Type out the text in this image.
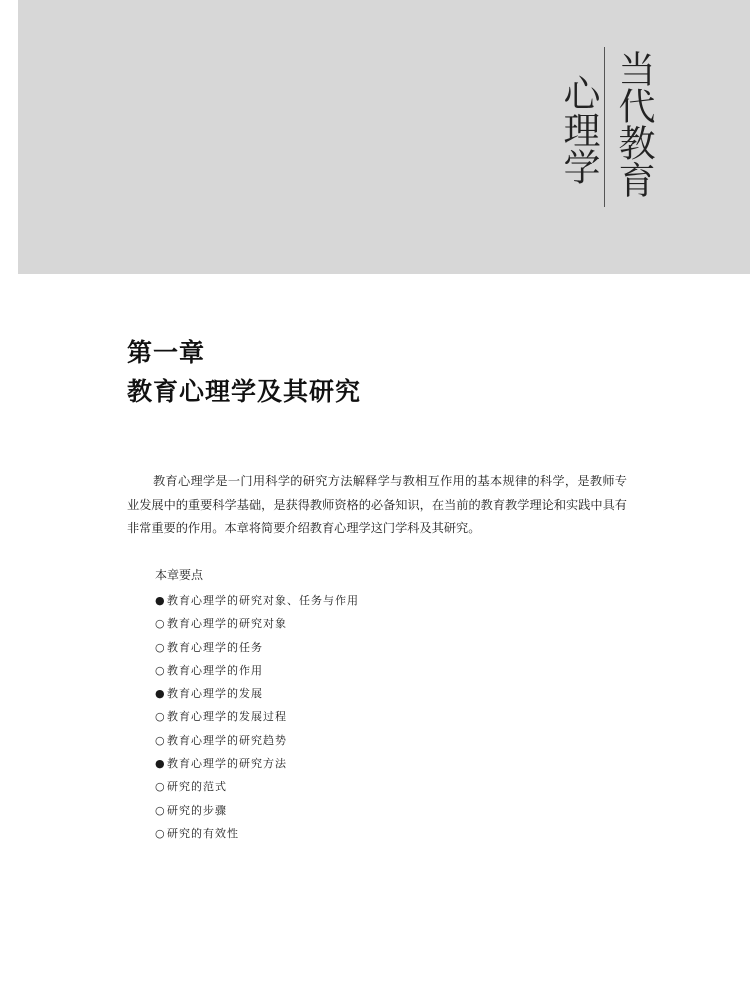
当代教育
心理学
第一章
教育心理学及其研究

教育心理学是一门用科学的研究方法解释学与教相互作用的基本规律的科学，是教师专业发展中的重要科学基础，是获得教师资格的必备知识，在当前的教育教学理论和实践中具有非常重要的作用。本章将简要介绍教育心理学这门学科及其研究。

本章要点
● 教育心理学的研究对象、任务与作用
○ 教育心理学的研究对象
○ 教育心理学的任务
○ 教育心理学的作用
● 教育心理学的发展
○ 教育心理学的发展过程
○ 教育心理学的研究趋势
● 教育心理学的研究方法
○ 研究的范式
○ 研究的步骤
○ 研究的有效性
